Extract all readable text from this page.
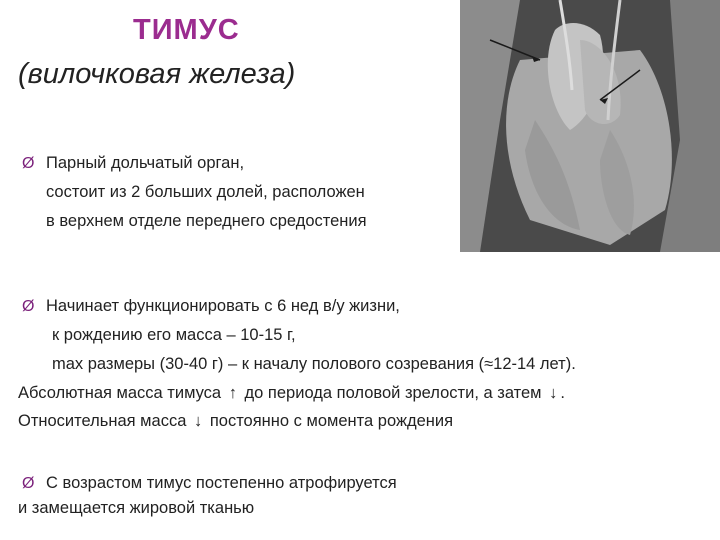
ТИМУС
(вилочковая железа)
Ø Парный дольчатый орган,
состоит из 2 больших долей, расположен
в верхнем отделе переднего средостения
Ø Начинает функционировать с 6 нед в/у жизни,
к рождению его масса – 10-15 г,
max размеры (30-40 г) – к началу полового созревания (≈12-14 лет).
Абсолютная масса тимуса ↑ до периода половой зрелости, а затем ↓ .
Относительная масса ↓ постоянно с момента рождения
Ø С возрастом тимус постепенно атрофируется
и замещается жировой тканью
